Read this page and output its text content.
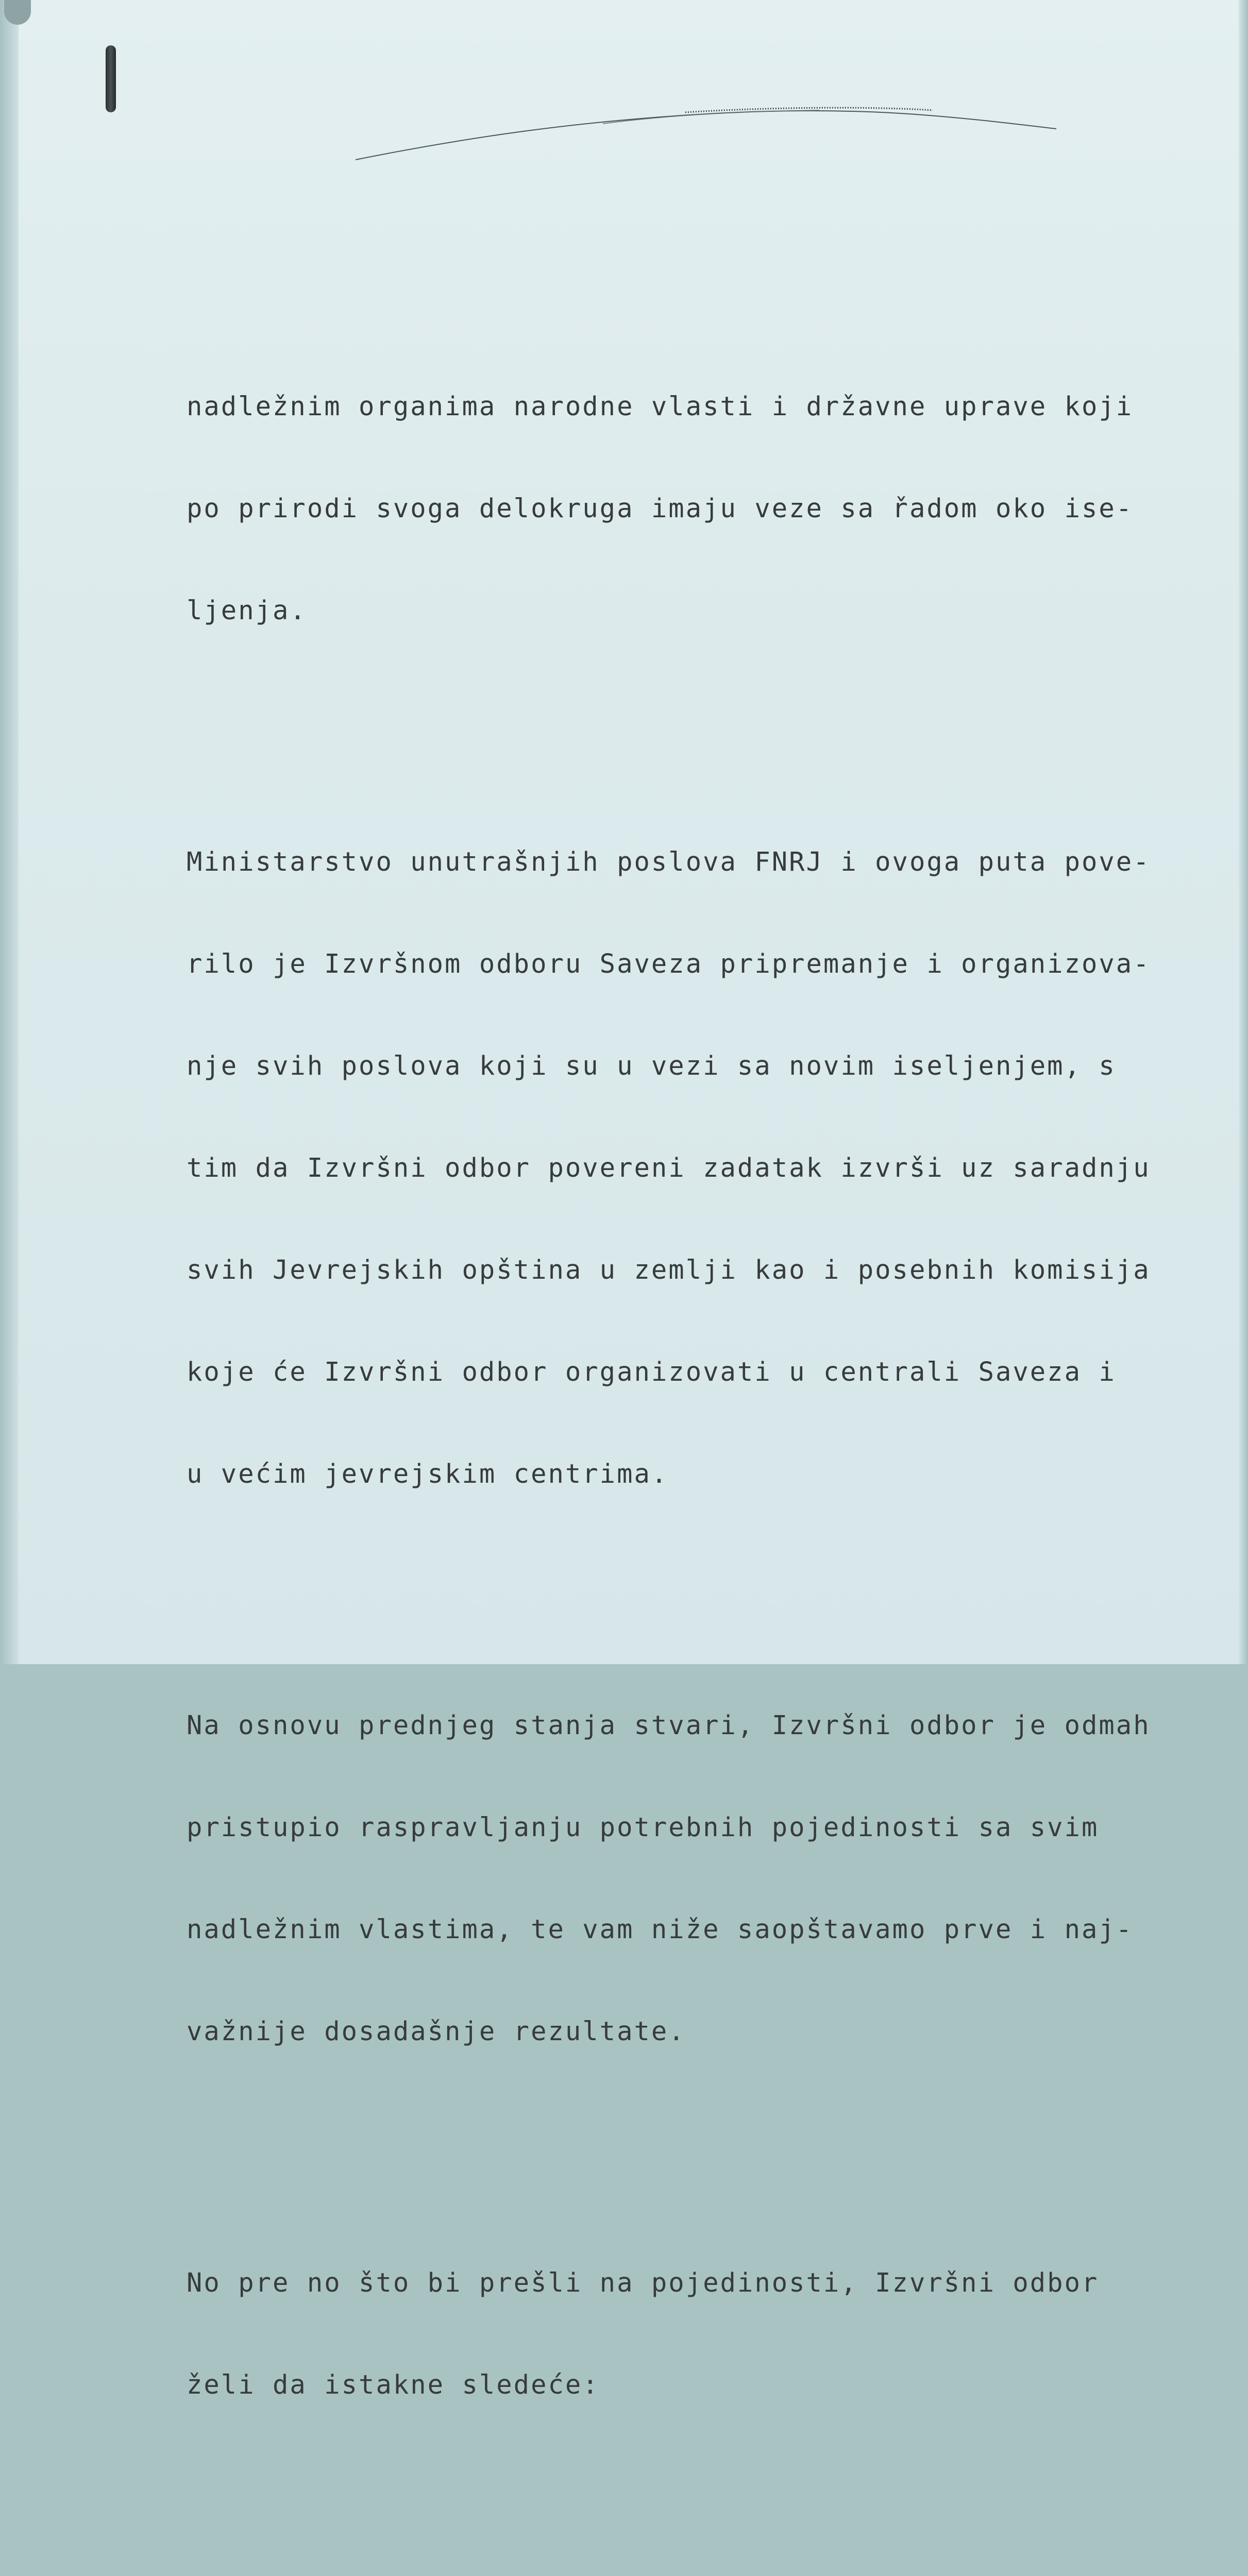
nadležnim organima narodne vlasti i državne uprave koji

po prirodi svoga delokruga imaju veze sa řadom oko ise-

ljenja.

Ministarstvo unutrašnjih poslova FNRJ i ovoga puta pove-

rilo je Izvršnom odboru Saveza pripremanje i organizova-

nje svih poslova koji su u vezi sa novim iseljenjem, s

tim da Izvršni odbor povereni zadatak izvrši uz saradnju

svih Jevrejskih opština u zemlji kao i posebnih komisija

koje će Izvršni odbor organizovati u centrali Saveza i

u većim jevrejskim centrima.

Na osnovu prednjeg stanja stvari, Izvršni odbor je odmah

pristupio raspravljanju potrebnih pojedinosti sa svim

nadležnim vlastima, te vam niže saopštavamo prve i naj-

važnije dosadašnje rezultate.

No pre no što bi prešli na pojedinosti, Izvršni odbor

želi da istakne sledeće:
